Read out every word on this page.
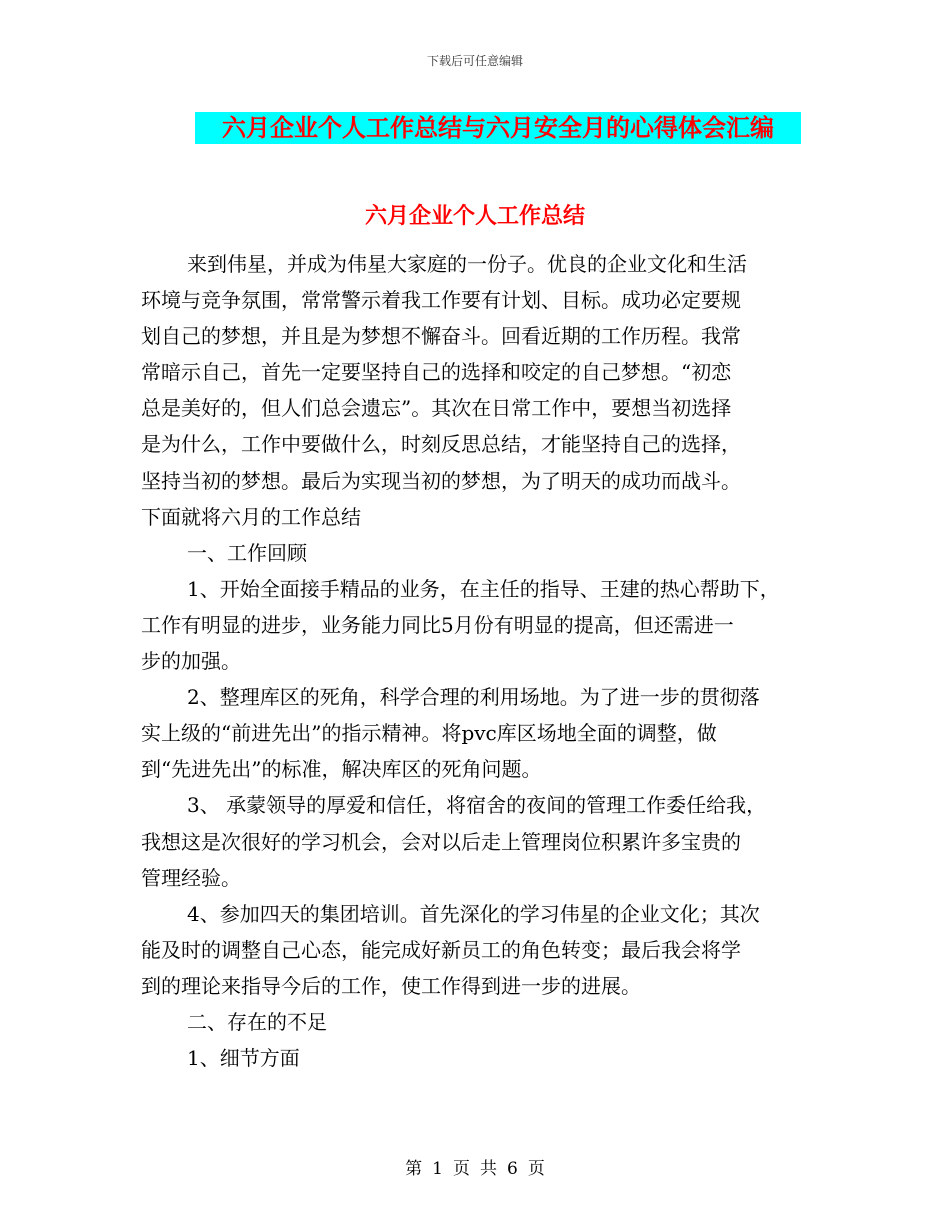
下载后可任意编辑
六月企业个人工作总结与六月安全月的心得体会汇编
六月企业个人工作总结
来到伟星，并成为伟星大家庭的一份子。优良的企业文化和生活
环境与竞争氛围，常常警示着我工作要有计划、目标。成功必定要规
划自己的梦想，并且是为梦想不懈奋斗。回看近期的工作历程。我常
常暗示自己，首先一定要坚持自己的选择和咬定的自己梦想。“初恋
总是美好的，但人们总会遗忘”。其次在日常工作中，要想当初选择
是为什么，工作中要做什么，时刻反思总结，才能坚持自己的选择，
坚持当初的梦想。最后为实现当初的梦想，为了明天的成功而战斗。
下面就将六月的工作总结
一、工作回顾
1、开始全面接手精品的业务，在主任的指导、王建的热心帮助下，
工作有明显的进步，业务能力同比5月份有明显的提高，但还需进一
步的加强。
2、整理库区的死角，科学合理的利用场地。为了进一步的贯彻落
实上级的“前进先出”的指示精神。将pvc库区场地全面的调整，做
到“先进先出”的标准，解决库区的死角问题。
3、 承蒙领导的厚爱和信任，将宿舍的夜间的管理工作委任给我，
我想这是次很好的学习机会，会对以后走上管理岗位积累许多宝贵的
管理经验。
4、参加四天的集团培训。首先深化的学习伟星的企业文化；其次
能及时的调整自己心态，能完成好新员工的角色转变；最后我会将学
到的理论来指导今后的工作，使工作得到进一步的进展。
二、存在的不足
1、细节方面
第 1 页 共 6 页
